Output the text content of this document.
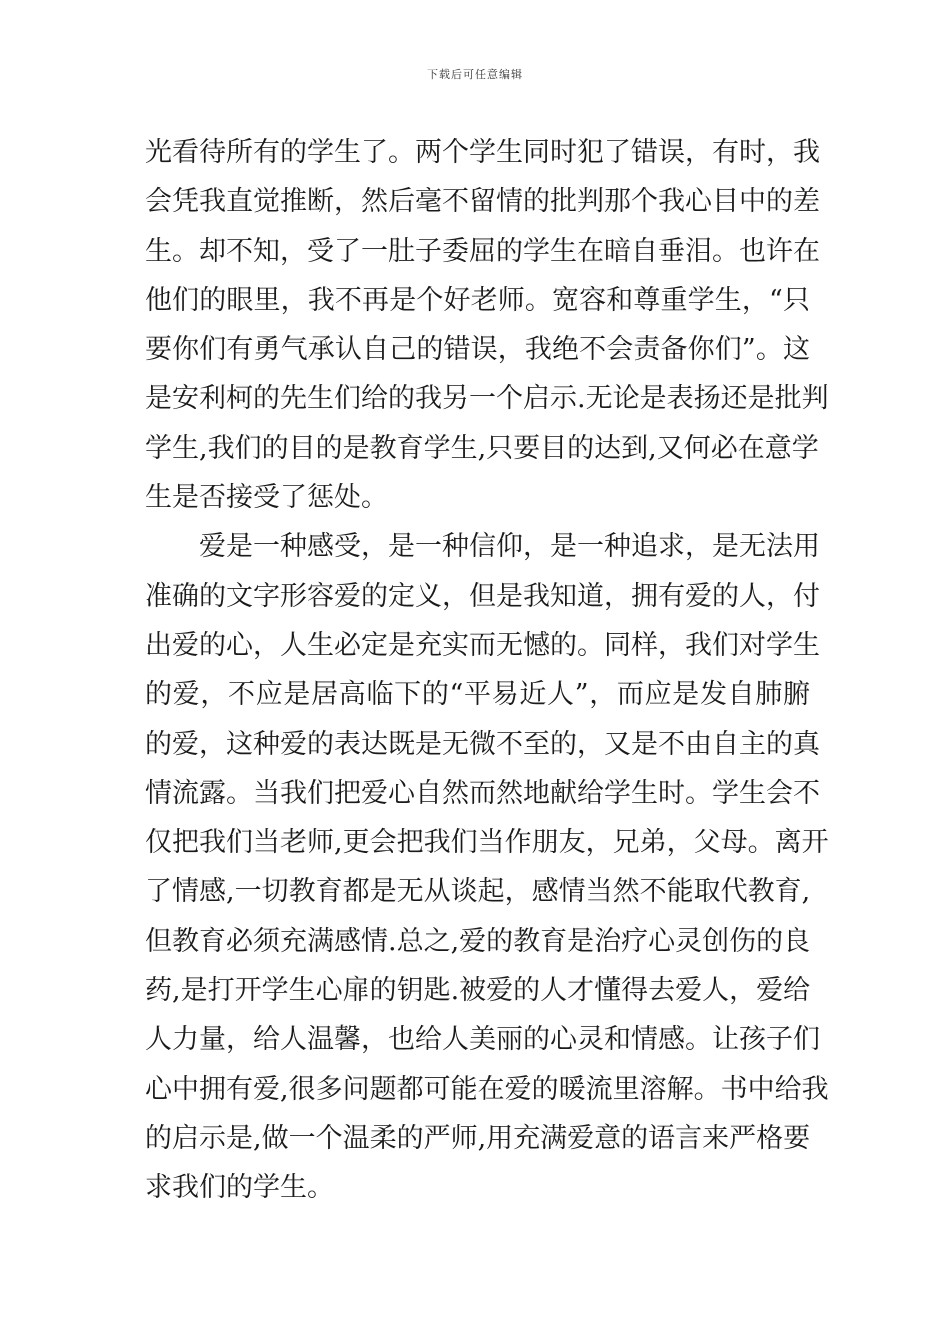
下载后可任意编辑
光看待所有的学生了。两个学生同时犯了错误，有时，我
会凭我直觉推断，然后毫不留情的批判那个我心目中的差
生。却不知，受了一肚子委屈的学生在暗自垂泪。也许在
他们的眼里，我不再是个好老师。宽容和尊重学生，“只
要你们有勇气承认自己的错误，我绝不会责备你们”。这
是安利柯的先生们给的我另一个启示.无论是表扬还是批判
学生,我们的目的是教育学生,只要目的达到,又何必在意学
生是否接受了惩处。
爱是一种感受，是一种信仰，是一种追求，是无法用
准确的文字形容爱的定义，但是我知道，拥有爱的人，付
出爱的心，人生必定是充实而无憾的。同样，我们对学生
的爱，不应是居高临下的“平易近人”，而应是发自肺腑
的爱，这种爱的表达既是无微不至的，又是不由自主的真
情流露。当我们把爱心自然而然地献给学生时。学生会不
仅把我们当老师,更会把我们当作朋友，兄弟，父母。离开
了情感,一切教育都是无从谈起，感情当然不能取代教育,
但教育必须充满感情.总之,爱的教育是治疗心灵创伤的良
药,是打开学生心扉的钥匙.被爱的人才懂得去爱人，爱给
人力量，给人温馨，也给人美丽的心灵和情感。让孩子们
心中拥有爱,很多问题都可能在爱的暖流里溶解。书中给我
的启示是,做一个温柔的严师,用充满爱意的语言来严格要
求我们的学生。
